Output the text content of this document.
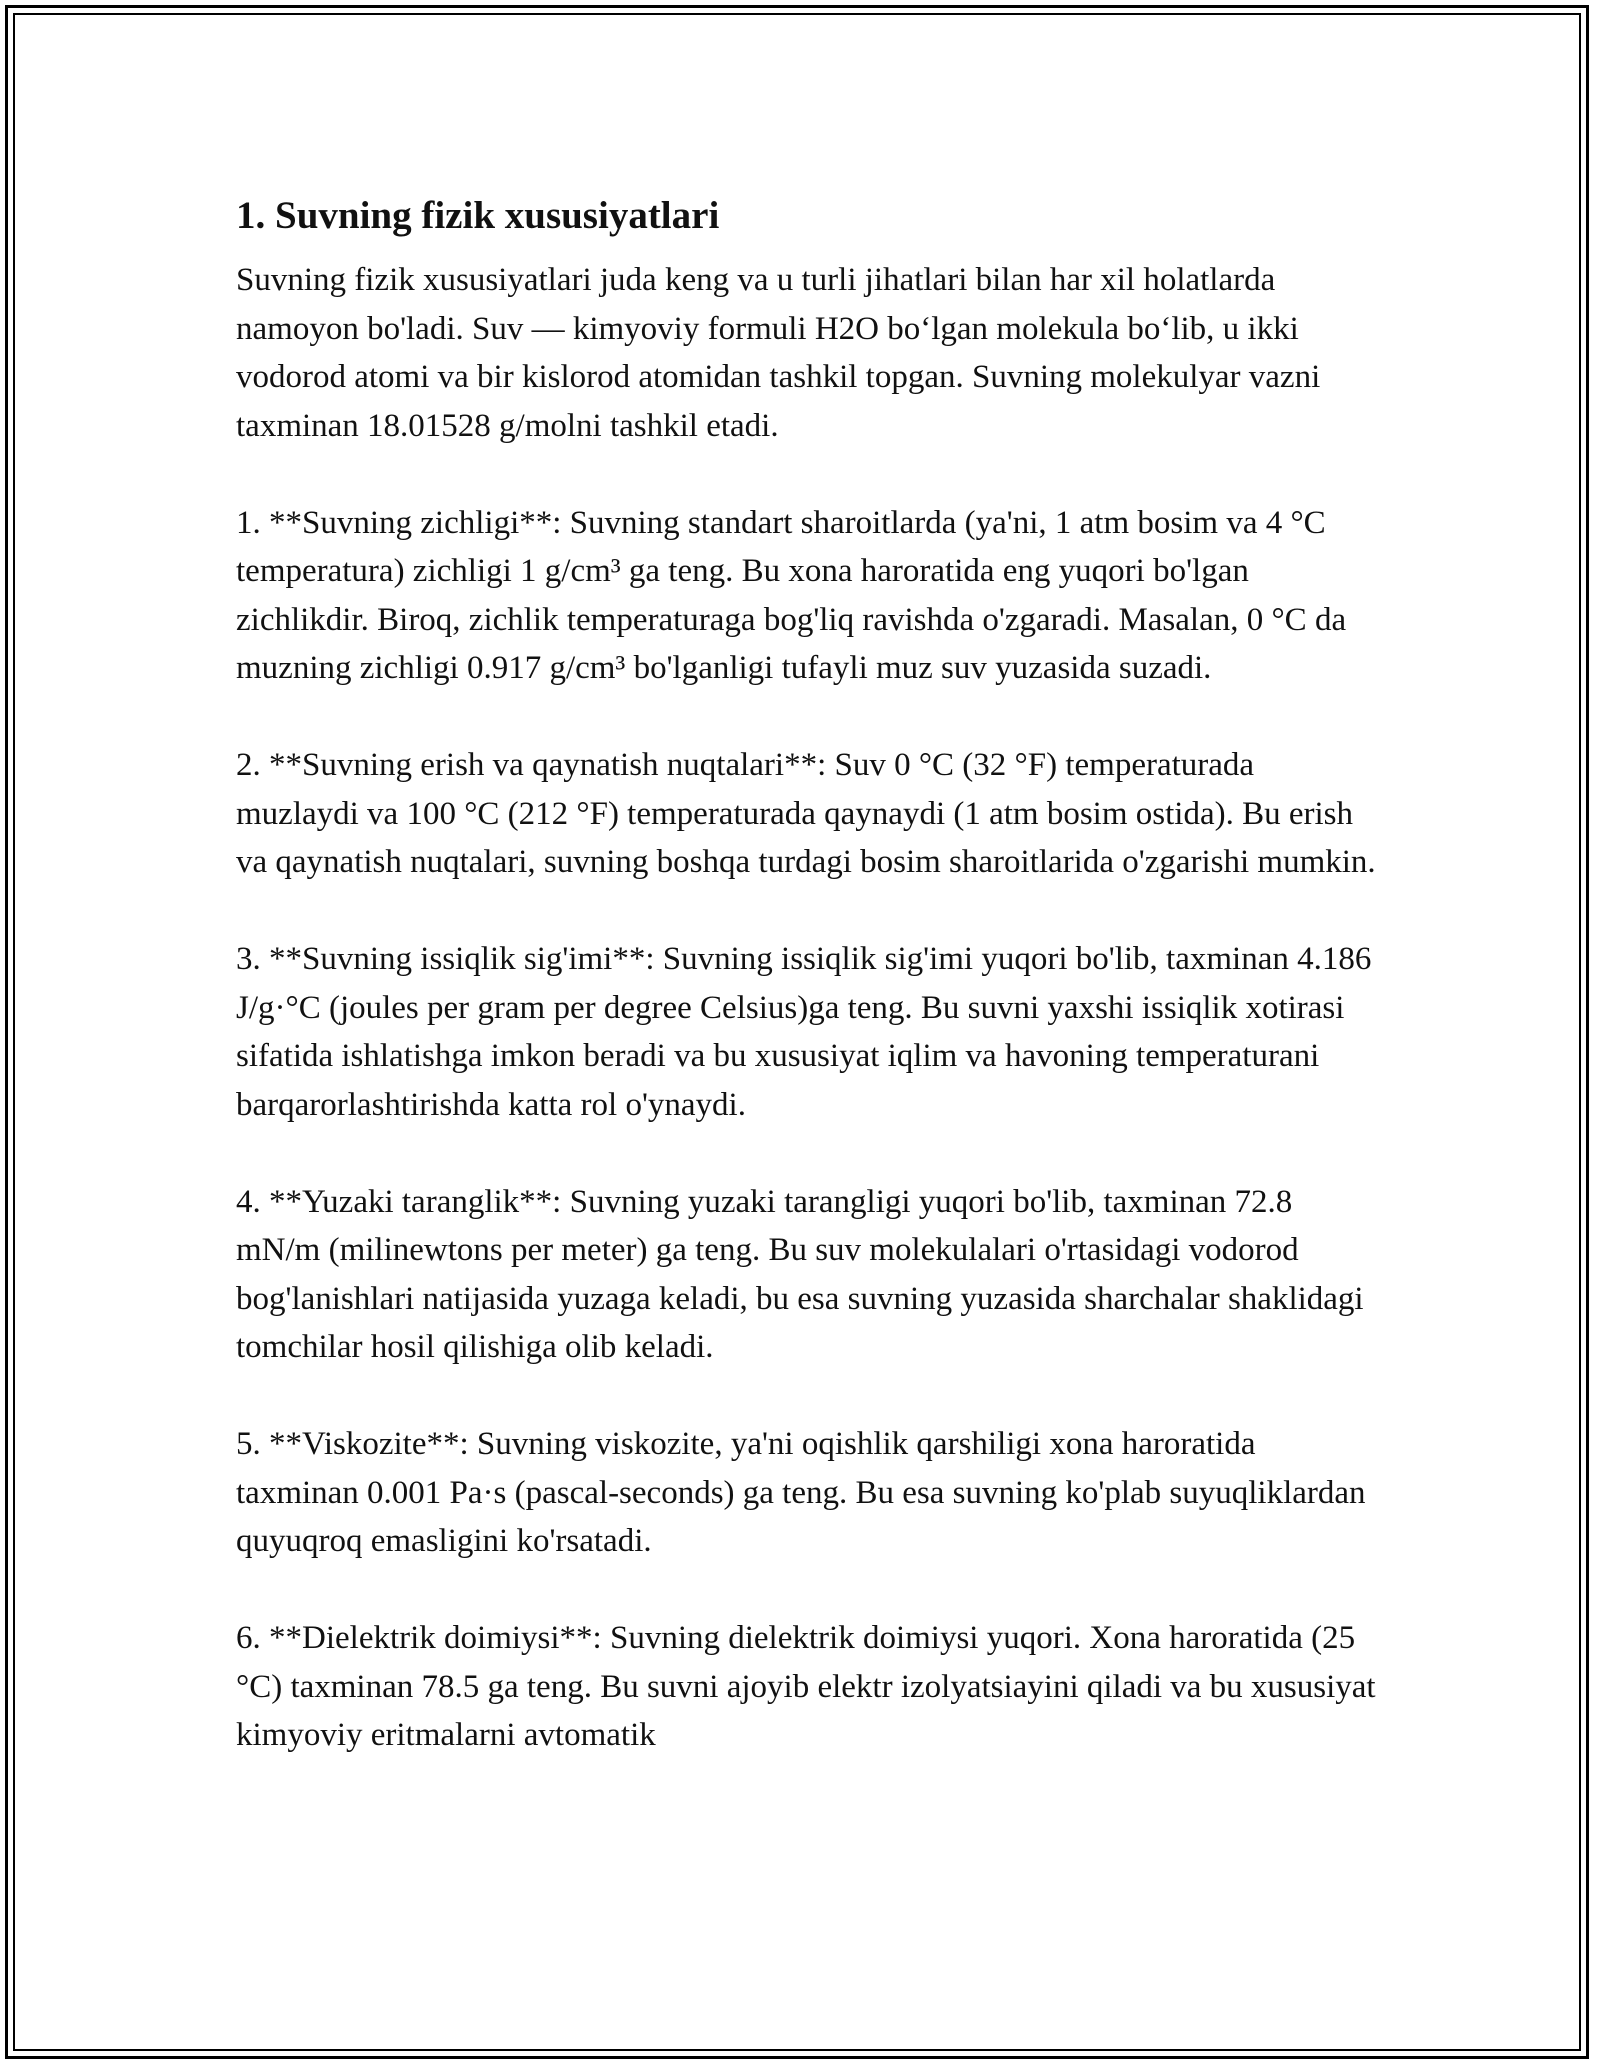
1. Suvning fizik xususiyatlari

Suvning fizik xususiyatlari juda keng va u turli jihatlari bilan har xil holatlarda namoyon bo'ladi. Suv — kimyoviy formuli H2O boʻlgan molekula boʻlib, u ikki vodorod atomi va bir kislorod atomidan tashkil topgan. Suvning molekulyar vazni taxminan 18.01528 g/molni tashkil etadi.

1. **Suvning zichligi**: Suvning standart sharoitlarda (ya'ni, 1 atm bosim va 4 °C temperatura) zichligi 1 g/cm³ ga teng. Bu xona haroratida eng yuqori bo'lgan zichlikdir. Biroq, zichlik temperaturaga bog'liq ravishda o'zgaradi. Masalan, 0 °C da muzning zichligi 0.917 g/cm³ bo'lganligi tufayli muz suv yuzasida suzadi.

2. **Suvning erish va qaynatish nuqtalari**: Suv 0 °C (32 °F) temperaturada muzlaydi va 100 °C (212 °F) temperaturada qaynaydi (1 atm bosim ostida). Bu erish va qaynatish nuqtalari, suvning boshqa turdagi bosim sharoitlarida o'zgarishi mumkin.

3. **Suvning issiqlik sig'imi**: Suvning issiqlik sig'imi yuqori bo'lib, taxminan 4.186 J/g·°C (joules per gram per degree Celsius)ga teng. Bu suvni yaxshi issiqlik xotirasi sifatida ishlatishga imkon beradi va bu xususiyat iqlim va havoning temperaturani barqarorlashtirishda katta rol o'ynaydi.

4. **Yuzaki taranglik**: Suvning yuzaki tarangligi yuqori bo'lib, taxminan 72.8 mN/m (milinewtons per meter) ga teng. Bu suv molekulalari o'rtasidagi vodorod bog'lanishlari natijasida yuzaga keladi, bu esa suvning yuzasida sharchalar shaklidagi tomchilar hosil qilishiga olib keladi.

5. **Viskozite**: Suvning viskozite, ya'ni oqishlik qarshiligi xona haroratida taxminan 0.001 Pa·s (pascal-seconds) ga teng. Bu esa suvning ko'plab suyuqliklardan quyuqroq emasligini ko'rsatadi.

6. **Dielektrik doimiysi**: Suvning dielektrik doimiysi yuqori. Xona haroratida (25 °C) taxminan 78.5 ga teng. Bu suvni ajoyib elektr izolyatsiayini qiladi va bu xususiyat kimyoviy eritmalarni avtomatik
